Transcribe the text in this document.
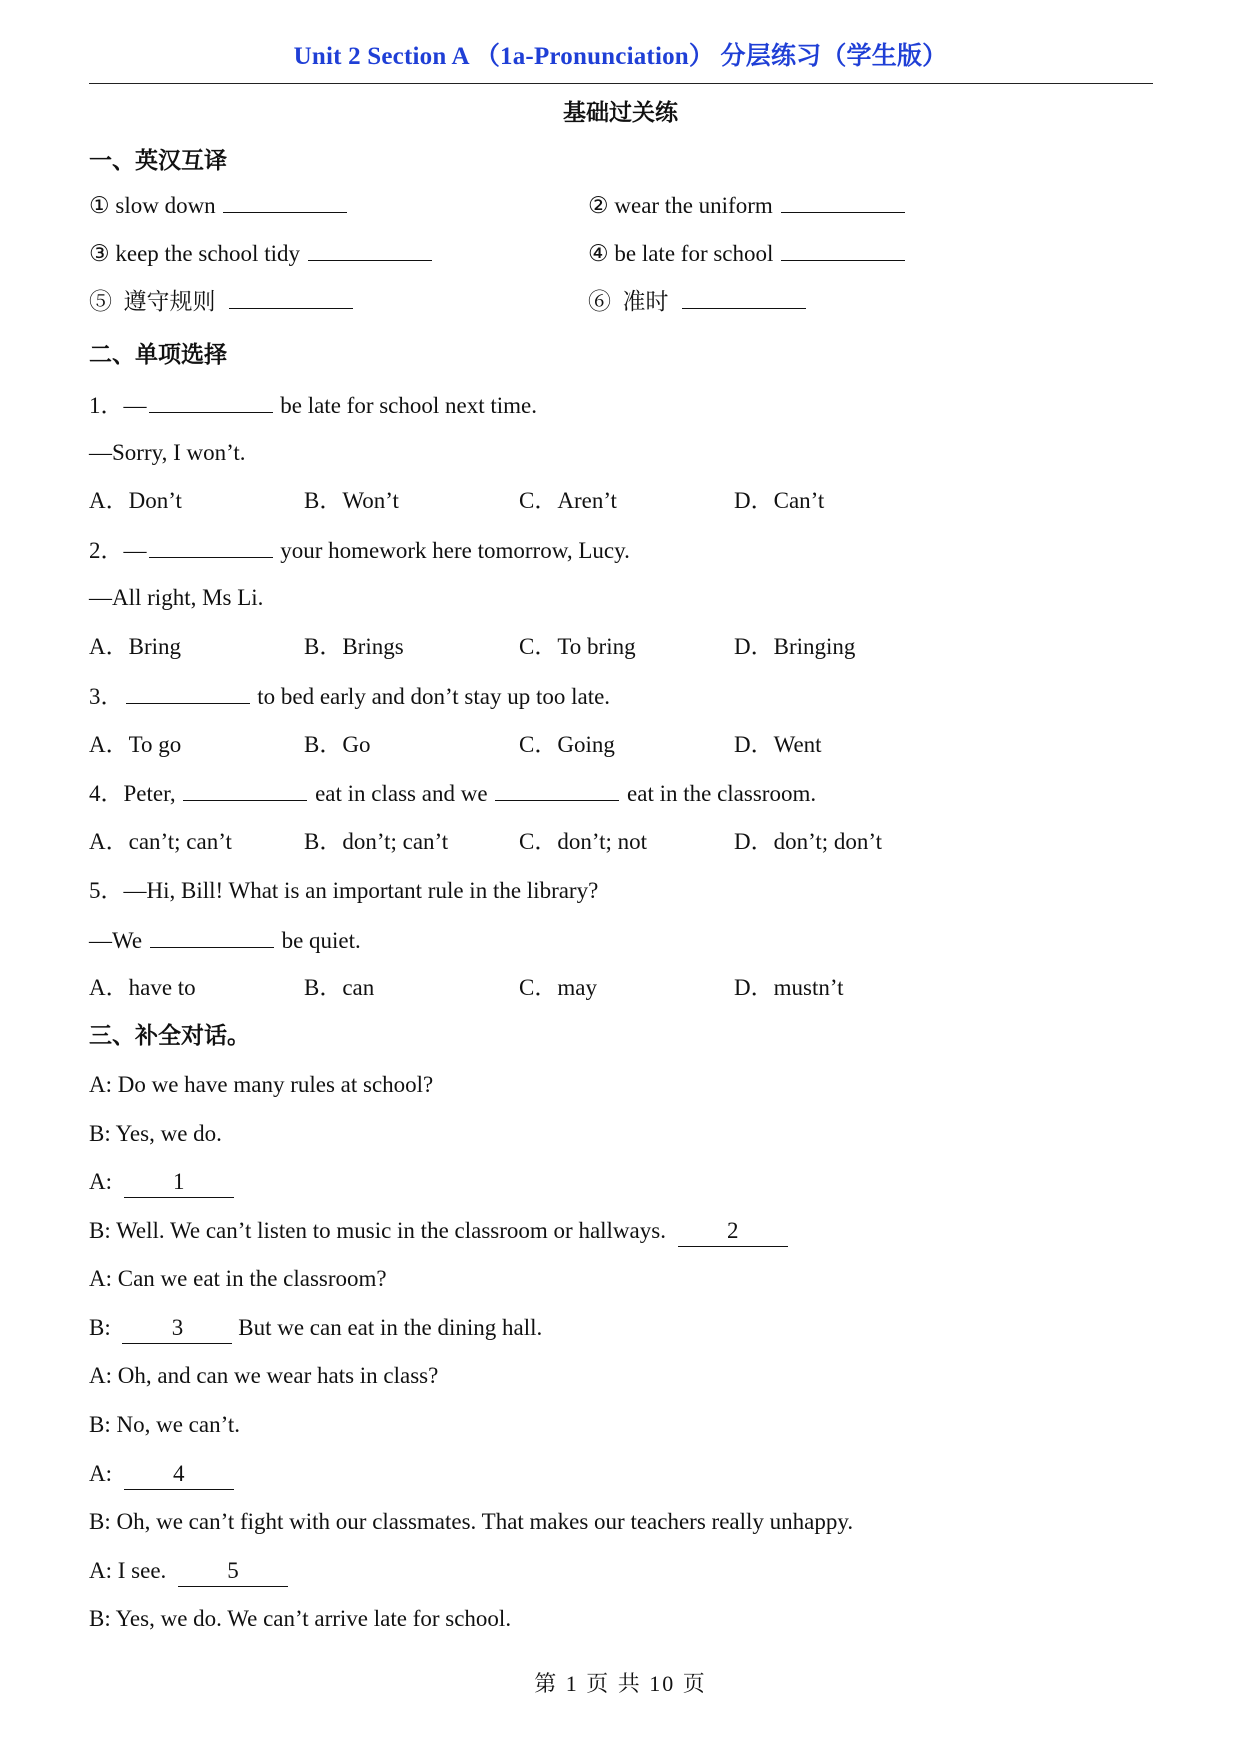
Unit 2 Section A （1a-Pronunciation） 分层练习（学生版）
基础过关练
一、英汉互译
① slow down	② wear the uniform
③ keep the school tidy	④ be late for school
⑤ 遵守规则	⑥ 准时
二、单项选择
1．—	be late for school next time.
—Sorry, I won’t.
A．Don’t	B．Won’t	C．Aren’t	D．Can’t
2．—	your homework here tomorrow, Lucy.
—All right, Ms Li.
A．Bring	B．Brings	C．To bring	D．Bringing
3．	to bed early and don’t stay up too late.
A．To go	B．Go	C．Going	D．Went
4．Peter,	eat in class and we	eat in the classroom.
A．can’t; can’t	B．don’t; can’t	C．don’t; not	D．don’t; don’t
5．—Hi, Bill! What is an important rule in the library?
—We	be quiet.
A．have to	B．can	C．may	D．mustn’t
三、补全对话。
A: Do we have many rules at school?
B: Yes, we do.
A: 1
B: Well. We can’t listen to music in the classroom or hallways. 2
A: Can we eat in the classroom?
B: 3 But we can eat in the dining hall.
A: Oh, and can we wear hats in class?
B: No, we can’t.
A: 4
B: Oh, we can’t fight with our classmates. That makes our teachers really unhappy.
A: I see. 5
B: Yes, we do. We can’t arrive late for school.
第 1 页 共 10 页
